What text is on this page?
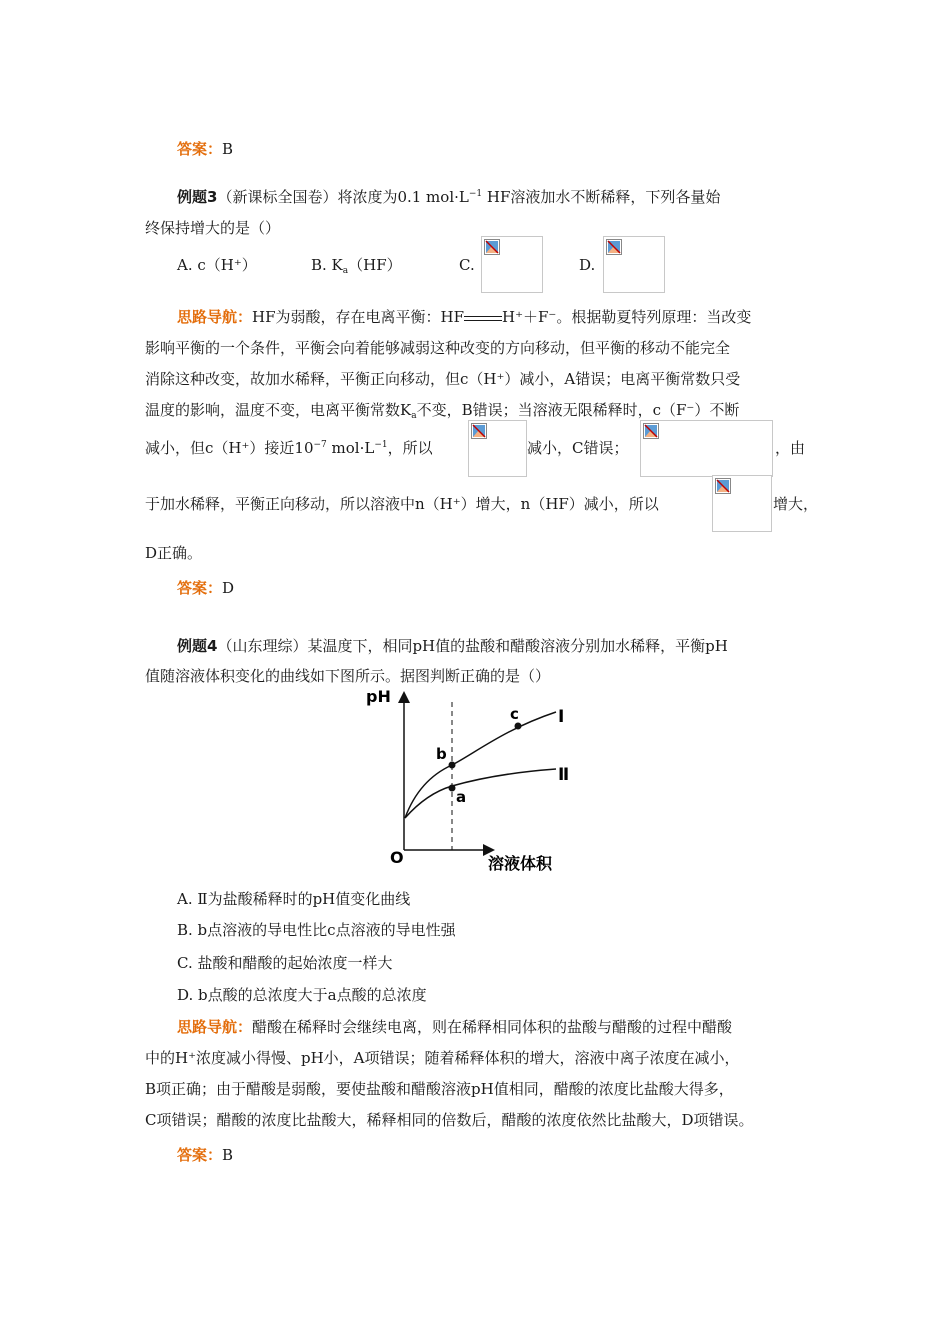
答案：B
例题3（新课标全国卷）将浓度为0.1 $mol\cdot L^{-1}$ HF溶液加水不断稀释，下列各量始
终保持增大的是（）
A. c（H⁺）	B. $K_a(HF)$	C.	D.
思路导航：HF为弱酸，存在电离平衡：HF	H⁺＋F⁻。根据勒夏特列原理：当改变
影响平衡的一个条件，平衡会向着能够减弱这种改变的方向移动，但平衡的移动不能完全
消除这种改变，故加水稀释，平衡正向移动，但c（H⁺）减小，A错误；电离平衡常数只受
温度的影响，温度不变，电离平衡常数$K_a$不变，B错误；当溶液无限稀释时，c（F⁻）不断
减小，但c（H⁺）接近$10^{-7}$ $mol\cdot L^{-1}$，所以	减小，C错误；	，由
于加水稀释，平衡正向移动，所以溶液中n（H⁺）增大，n（HF）减小，所以	增大，
D正确。
答案：D
例题4（山东理综）某温度下，相同pH值的盐酸和醋酸溶液分别加水稀释，平衡pH
值随溶液体积变化的曲线如下图所示。据图判断正确的是（）
pH
O	溶液体积
b
c
a
Ⅰ
Ⅱ
A. Ⅱ为盐酸稀释时的pH值变化曲线
B. b点溶液的导电性比c点溶液的导电性强
C. 盐酸和醋酸的起始浓度一样大
D. b点酸的总浓度大于a点酸的总浓度
思路导航：醋酸在稀释时会继续电离，则在稀释相同体积的盐酸与醋酸的过程中醋酸
中的H⁺浓度减小得慢、pH小，A项错误；随着稀释体积的增大，溶液中离子浓度在减小，
B项正确；由于醋酸是弱酸，要使盐酸和醋酸溶液pH值相同，醋酸的浓度比盐酸大得多，
C项错误；醋酸的浓度比盐酸大，稀释相同的倍数后，醋酸的浓度依然比盐酸大，D项错误。
答案：B
